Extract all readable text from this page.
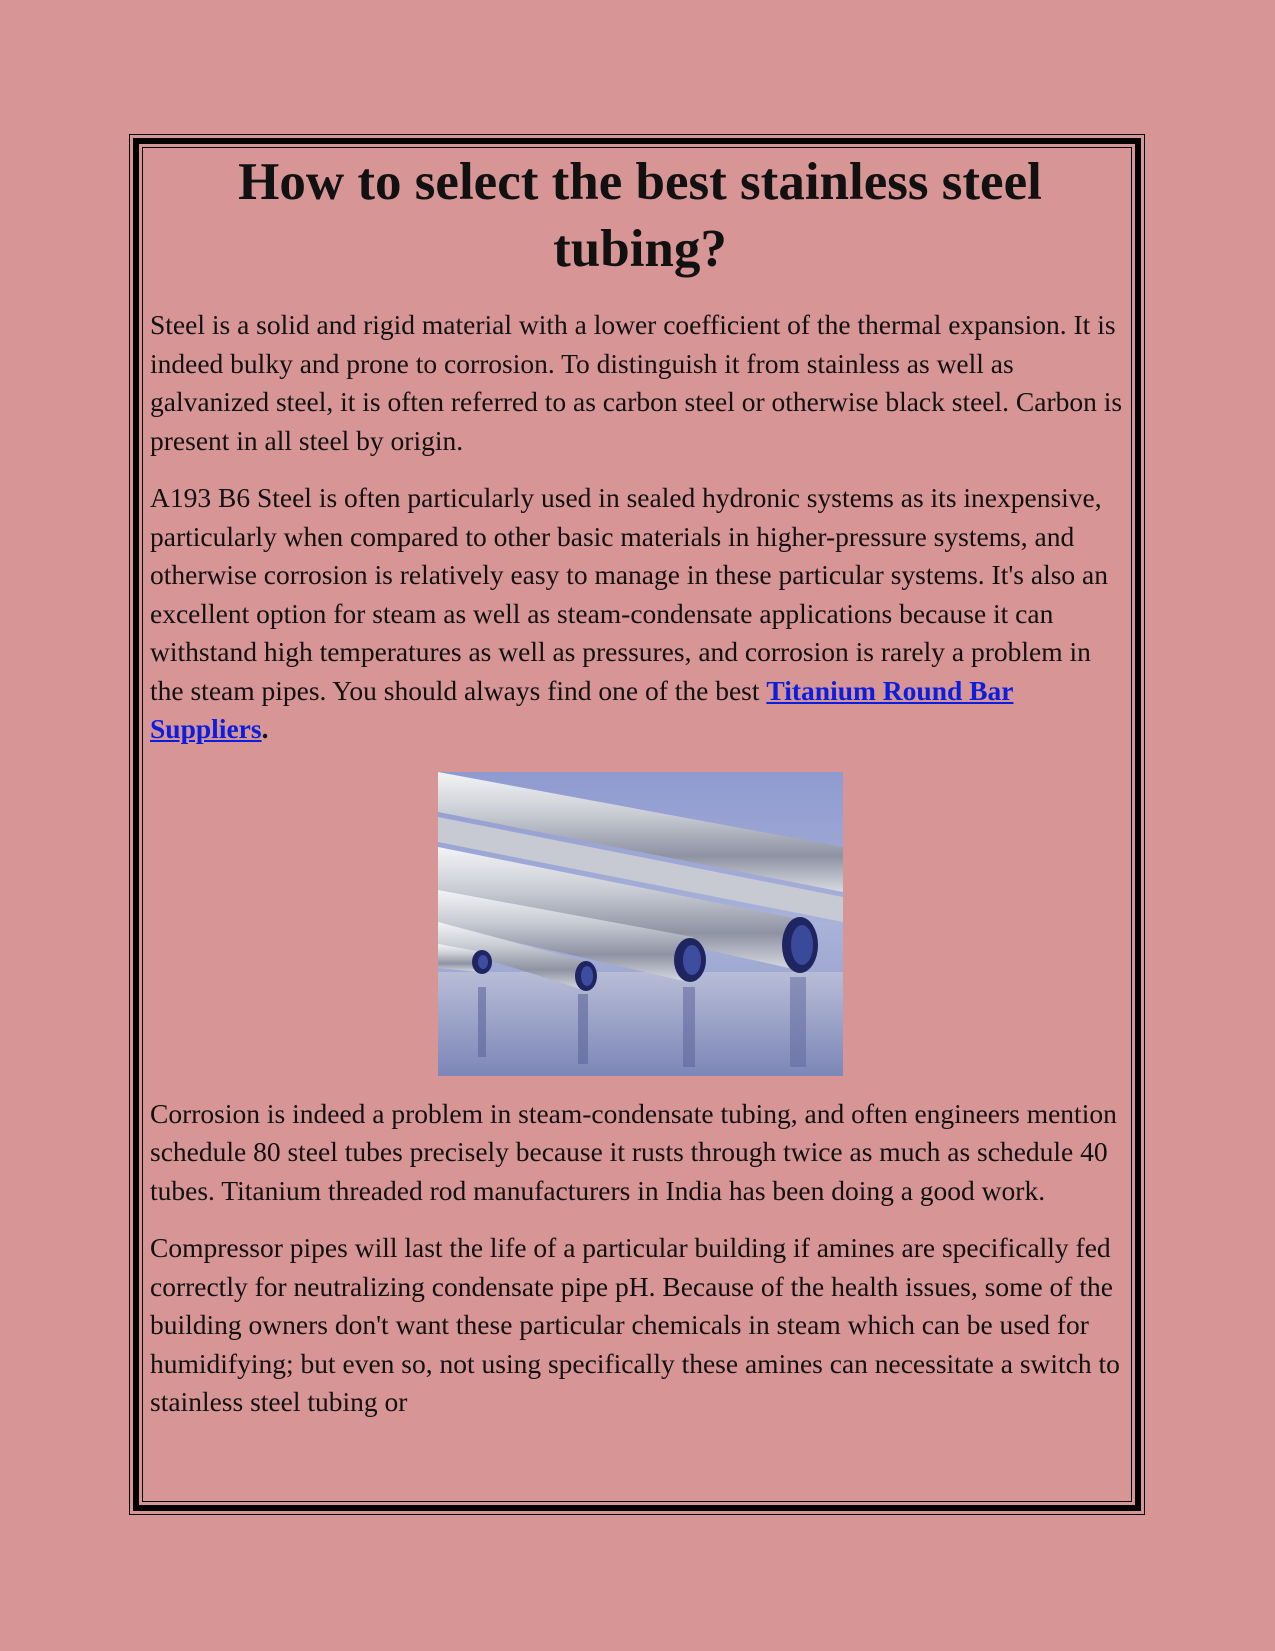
How to select the best stainless steel tubing?

Steel is a solid and rigid material with a lower coefficient of the thermal expansion. It is indeed bulky and prone to corrosion. To distinguish it from stainless as well as galvanized steel, it is often referred to as carbon steel or otherwise black steel. Carbon is present in all steel by origin.

A193 B6 Steel is often particularly used in sealed hydronic systems as its inexpensive, particularly when compared to other basic materials in higher-pressure systems, and otherwise corrosion is relatively easy to manage in these particular systems. It's also an excellent option for steam as well as steam-condensate applications because it can withstand high temperatures as well as pressures, and corrosion is rarely a problem in the steam pipes. You should always find one of the best Titanium Round Bar Suppliers.

Corrosion is indeed a problem in steam-condensate tubing, and often engineers mention schedule 80 steel tubes precisely because it rusts through twice as much as schedule 40 tubes. Titanium threaded rod manufacturers in India has been doing a good work.

Compressor pipes will last the life of a particular building if amines are specifically fed correctly for neutralizing condensate pipe pH. Because of the health issues, some of the building owners don't want these particular chemicals in steam which can be used for humidifying; but even so, not using specifically these amines can necessitate a switch to stainless steel tubing or
